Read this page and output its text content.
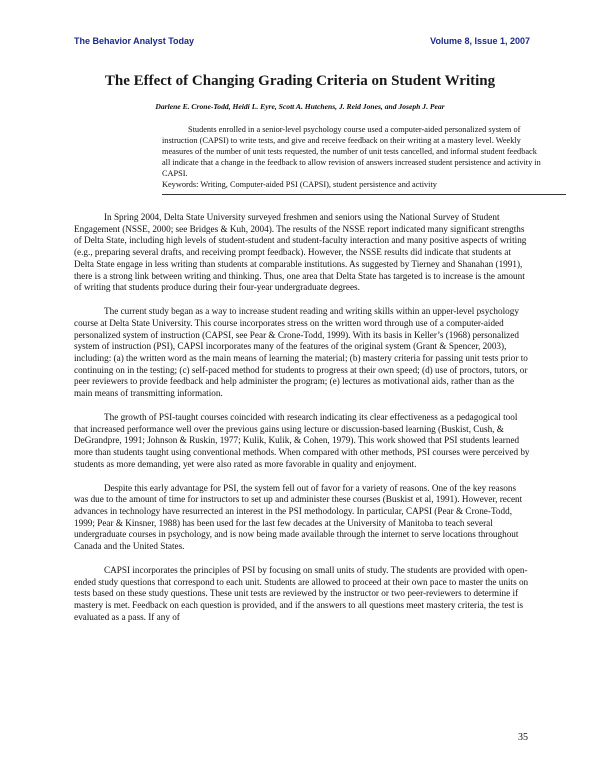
The Behavior Analyst Today	Volume 8, Issue 1, 2007
The Effect of Changing Grading Criteria on Student Writing
Darlene E. Crone-Todd, Heidi L. Eyre, Scott A. Hutchens, J. Reid Jones, and Joseph J. Pear

Students enrolled in a senior-level psychology course used a computer-aided personalized system of instruction (CAPSI) to write tests, and give and receive feedback on their writing at a mastery level. Weekly measures of the number of unit tests requested, the number of unit tests cancelled, and informal student feedback all indicate that a change in the feedback to allow revision of answers increased student persistence and activity in CAPSI.

Keywords: Writing, Computer-aided PSI (CAPSI), student persistence and activity

In Spring 2004, Delta State University surveyed freshmen and seniors using the National Survey of Student Engagement (NSSE, 2000; see Bridges & Kuh, 2004). The results of the NSSE report indicated many significant strengths of Delta State, including high levels of student-student and student-faculty interaction and many positive aspects of writing (e.g., preparing several drafts, and receiving prompt feedback). However, the NSSE results did indicate that students at Delta State engage in less writing than students at comparable institutions. As suggested by Tierney and Shanahan (1991), there is a strong link between writing and thinking. Thus, one area that Delta State has targeted is to increase is the amount of writing that students produce during their four-year undergraduate degrees.

The current study began as a way to increase student reading and writing skills within an upper-level psychology course at Delta State University. This course incorporates stress on the written word through use of a computer-aided personalized system of instruction (CAPSI, see Pear & Crone-Todd, 1999). With its basis in Keller’s (1968) personalized system of instruction (PSI), CAPSI incorporates many of the features of the original system (Grant & Spencer, 2003), including: (a) the written word as the main means of learning the material; (b) mastery criteria for passing unit tests prior to continuing on in the testing; (c) self-paced method for students to progress at their own speed; (d) use of proctors, tutors, or peer reviewers to provide feedback and help administer the program; (e) lectures as motivational aids, rather than as the main means of transmitting information.

The growth of PSI-taught courses coincided with research indicating its clear effectiveness as a pedagogical tool that increased performance well over the previous gains using lecture or discussion-based learning (Buskist, Cush, & DeGrandpre, 1991; Johnson & Ruskin, 1977; Kulik, Kulik, & Cohen, 1979). This work showed that PSI students learned more than students taught using conventional methods. When compared with other methods, PSI courses were perceived by students as more demanding, yet were also rated as more favorable in quality and enjoyment.

Despite this early advantage for PSI, the system fell out of favor for a variety of reasons. One of the key reasons was due to the amount of time for instructors to set up and administer these courses (Buskist et al, 1991). However, recent advances in technology have resurrected an interest in the PSI methodology. In particular, CAPSI (Pear & Crone-Todd, 1999; Pear & Kinsner, 1988) has been used for the last few decades at the University of Manitoba to teach several undergraduate courses in psychology, and is now being made available through the internet to serve locations throughout Canada and the United States.

CAPSI incorporates the principles of PSI by focusing on small units of study. The students are provided with open-ended study questions that correspond to each unit. Students are allowed to proceed at their own pace to master the units on tests based on these study questions. These unit tests are reviewed by the instructor or two peer-reviewers to determine if mastery is met. Feedback on each question is provided, and if the answers to all questions meet mastery criteria, the test is evaluated as a pass. If any of

35
